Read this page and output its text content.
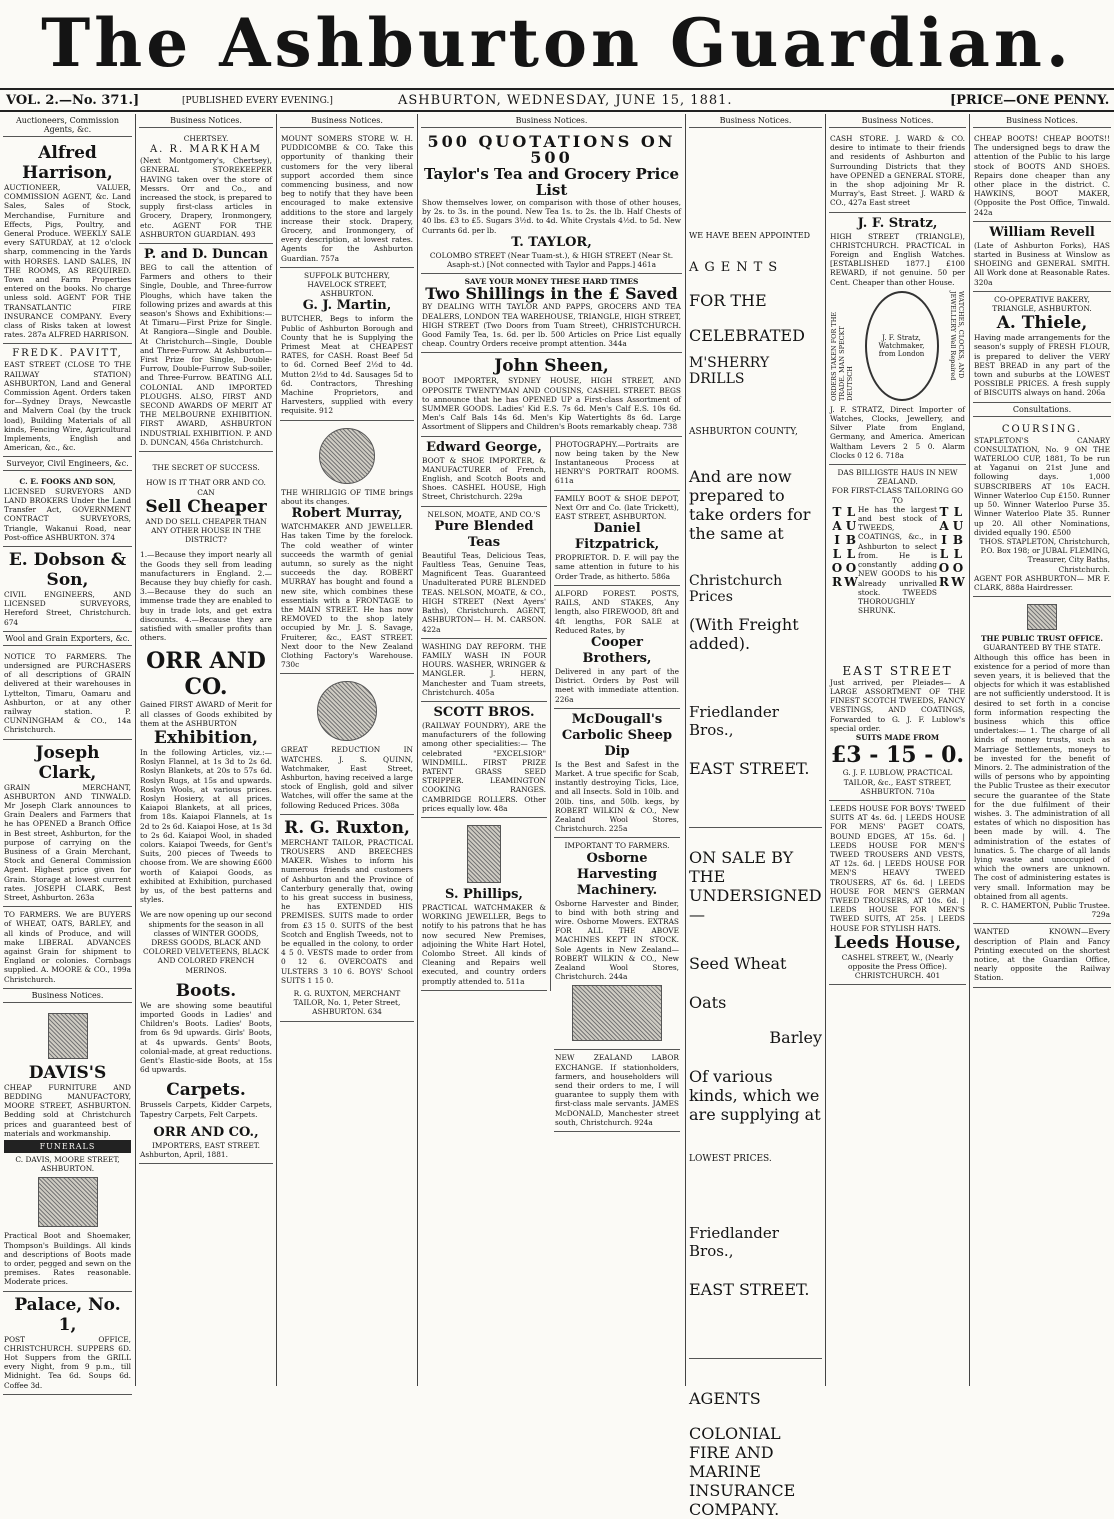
The Ashburton Guardian.
VOL. 2.—No. 371.]	[PUBLISHED EVERY EVENING.]	ASHBURTON, WEDNESDAY, JUNE 15, 1881.	[PRICE—ONE PENNY.
Auctioneers, Commission Agents, &c.
Alfred Harrison,
AUCTIONEER, VALUER, COMMISSION AGENT, &c. Land Sales, Sales of Stock, Merchandise, Furniture and Effects, Pigs, Poultry, and General Produce. WEEKLY SALE every SATURDAY, at 12 o'clock sharp, commencing in the Yards with HORSES. LAND SALES, IN THE ROOMS, AS REQUIRED. Town and Farm Properties entered on the books. No charge unless sold. AGENT FOR THE TRANSATLANTIC FIRE INSURANCE COMPANY. Every class of Risks taken at lowest rates. 287a ALFRED HARRISON.
FREDK. PAVITT,
EAST STREET (CLOSE TO THE RAILWAY STATION) ASHBURTON, Land and General Commission Agent. Orders taken for—Sydney Drays, Newcastle and Malvern Coal (by the truck load), Building Materials of all kinds, Fencing Wire, Agricultural Implements, English and American, &c., &c.
Surveyor, Civil Engineers, &c.
C. E. FOOKS AND SON,
LICENSED SURVEYORS AND LAND BROKERS Under the Land Transfer Act, GOVERNMENT CONTRACT SURVEYORS, Triangle, Wakanui Road, near Post-office ASHBURTON. 374
E. Dobson & Son,
CIVIL ENGINEERS, AND LICENSED SURVEYORS, Hereford Street, Christchurch. 674
Wool and Grain Exporters, &c.
NOTICE TO FARMERS. The undersigned are PURCHASERS of all descriptions of GRAIN delivered at their warehouses in Lyttelton, Timaru, Oamaru and Ashburton, or at any other railway station. P. CUNNINGHAM & CO., 14a Christchurch.
Joseph Clark,
GRAIN MERCHANT, ASHBURTON AND TINWALD. Mr Joseph Clark announces to Grain Dealers and Farmers that he has OPENED a Branch Office in Best street, Ashburton, for the purpose of carrying on the Business of a Grain Merchant, Stock and General Commission Agent. Highest price given for Grain. Storage at lowest current rates. JOSEPH CLARK, Best Street, Ashburton. 263a
TO FARMERS. We are BUYERS of WHEAT, OATS, BARLEY, and all kinds of Produce, and will make LIBERAL ADVANCES against Grain for shipment to England or colonies. Cornbags supplied. A. MOORE & CO., 199a Christchurch.
Business Notices.
DAVIS'S
CHEAP FURNITURE AND BEDDING MANUFACTORY, MOORE STREET, ASHBURTON. Bedding sold at Christchurch prices and guaranteed best of materials and workmanship.
FUNERALS
C. DAVIS, MOORE STREET, ASHBURTON.
Practical Boot and Shoemaker, Thompson's Buildings. All kinds and descriptions of Boots made to order, pegged and sewn on the premises. Rates reasonable. Moderate prices.
Palace, No. 1,
POST OFFICE, CHRISTCHURCH. SUPPERS 6D. Hot Suppers from the GRILL every Night, from 9 p.m., till Midnight. Tea 6d. Soups 6d. Coffee 3d.
Business Notices.
CHERTSEY.
A. R. MARKHAM
(Next Montgomery's, Chertsey), GENERAL STOREKEEPER HAVING taken over the store of Messrs. Orr and Co., and increased the stock, is prepared to supply first-class articles in Grocery, Drapery, Ironmongery, etc. AGENT FOR THE ASHBURTON GUARDIAN. 493
P. and D. Duncan
BEG to call the attention of Farmers and others to their Single, Double, and Three-furrow Ploughs, which have taken the following prizes and awards at this season's Shows and Exhibitions:— At Timaru—First Prize for Single. At Rangiora—Single and Double. At Christchurch—Single, Double and Three-Furrow. At Ashburton—First Prize for Single, Double-Furrow, Double-Furrow Sub-soiler, and Three-Furrow. BEATING ALL COLONIAL AND IMPORTED PLOUGHS. ALSO, FIRST AND SECOND AWARDS OF MERIT AT THE MELBOURNE EXHIBITION. FIRST AWARD, ASHBURTON INDUSTRIAL EXHIBITION. P. AND D. DUNCAN, 456a Christchurch.
THE SECRET OF SUCCESS.
HOW IS IT THAT ORR AND CO. CAN
Sell Cheaper
AND DO SELL CHEAPER THAN ANY OTHER HOUSE IN THE DISTRICT?
1.—Because they import nearly all the Goods they sell from leading manufacturers in England. 2.—Because they buy chiefly for cash. 3.—Because they do such an immense trade they are enabled to buy in trade lots, and get extra discounts. 4.—Because they are satisfied with smaller profits than others.
ORR AND CO.
Gained FIRST AWARD of Merit for all classes of Goods exhibited by them at the ASHBURTON
Exhibition,
In the following Articles, viz.:— Roslyn Flannel, at 1s 3d to 2s 6d. Roslyn Blankets, at 20s to 57s 6d. Roslyn Rugs, at 15s and upwards. Roslyn Wools, at various prices. Roslyn Hosiery, at all prices. Kaiapoi Blankets, at all prices, from 18s. Kaiapoi Flannels, at 1s 2d to 2s 6d. Kaiapoi Hose, at 1s 3d to 2s 6d. Kaiapoi Wool, in shaded colors. Kaiapoi Tweeds, for Gent's Suits, 200 pieces of Tweeds to choose from. We are showing £600 worth of Kaiapoi Goods, as exhibited at Exhibition, purchased by us, of the best patterns and styles.
We are now opening up our second shipments for the season in all classes of WINTER GOODS, DRESS GOODS, BLACK AND COLORED VELVETEENS, BLACK AND COLORED FRENCH MERINOS.
Boots.
We are showing some beautiful imported Goods in Ladies' and Children's Boots. Ladies' Boots, from 6s 9d upwards. Girls' Boots, at 4s upwards. Gents' Boots, colonial-made, at great reductions. Gent's Elastic-side Boots, at 15s 6d upwards.
Carpets.
Brussels Carpets, Kidder Carpets, Tapestry Carpets, Felt Carpets.
ORR AND CO.,
IMPORTERS, EAST STREET.
Ashburton, April, 1881.
Business Notices.
MOUNT SOMERS STORE W. H. PUDDICOMBE & CO. Take this opportunity of thanking their customers for the very liberal support accorded them since commencing business, and now beg to notify that they have been encouraged to make extensive additions to the store and largely increase their stock. Drapery, Grocery, and Ironmongery, of every description, at lowest rates. Agents for the Ashburton Guardian. 757a
SUFFOLK BUTCHERY, HAVELOCK STREET, ASHBURTON.
G. J. Martin,
BUTCHER, Begs to inform the Public of Ashburton Borough and County that he is Supplying the Primest Meat at CHEAPEST RATES, for CASH. Roast Beef 5d to 6d. Corned Beef 2½d to 4d. Mutton 2½d to 4d. Sausages 5d to 6d. Contractors, Threshing Machine Proprietors, and Harvesters, supplied with every requisite. 912
THE WHIRLIGIG OF TIME brings about its changes.
Robert Murray,
WATCHMAKER AND JEWELLER. Has taken Time by the forelock. The cold weather of winter succeeds the warmth of genial autumn, so surely as the night succeeds the day. ROBERT MURRAY has bought and found a new site, which combines these essentials with a FRONTAGE to the MAIN STREET. He has now REMOVED to the shop lately occupied by Mr. J. S. Savage, Fruiterer, &c., EAST STREET. Next door to the New Zealand Clothing Factory's Warehouse. 730c
GREAT REDUCTION IN WATCHES. J. S. QUINN, Watchmaker, East Street, Ashburton, having received a large stock of English, gold and silver Watches, will offer the same at the following Reduced Prices. 308a
R. G. Ruxton,
MERCHANT TAILOR, PRACTICAL TROUSERS AND BREECHES MAKER. Wishes to inform his numerous friends and customers of Ashburton and the Province of Canterbury generally that, owing to his great success in business, he has EXTENDED HIS PREMISES. SUITS made to order from £3 15 0. SUITS of the best Scotch and English Tweeds, not to be equalled in the colony, to order 4 5 0. VESTS made to order from 0 12 6. OVERCOATS and ULSTERS 3 10 6. BOYS' School SUITS 1 15 0.
R. G. RUXTON, MERCHANT TAILOR, No. 1, Peter Street, ASHBURTON. 634
Business Notices.
500 QUOTATIONS ON 500
Taylor's Tea and Grocery Price List
Show themselves lower, on comparison with those of other houses, by 2s. to 3s. in the pound. New Tea 1s. to 2s. the lb. Half Chests of 40 lbs. £3 to £5. Sugars 3½d. to 4d. White Crystals 4½d. to 5d. New Currants 6d. per lb.
T. TAYLOR,
COLOMBO STREET (Near Tuam-st.), & HIGH STREET (Near St. Asaph-st.) [Not connected with Taylor and Papps.] 461a
SAVE YOUR MONEY THESE HARD TIMES
Two Shillings in the £ Saved
BY DEALING WITH TAYLOR AND PAPPS, GROCERS AND TEA DEALERS, LONDON TEA WAREHOUSE, TRIANGLE, HIGH STREET, HIGH STREET (Two Doors from Tuam Street), CHRISTCHURCH. Good Family Tea, 1s. 6d. per lb. 500 Articles on Price List equally cheap. Country Orders receive prompt attention. 344a
John Sheen,
BOOT IMPORTER, SYDNEY HOUSE, HIGH STREET, AND OPPOSITE TWENTYMAN AND COUSINS, CASHEL STREET. BEGS to announce that he has OPENED UP a First-class Assortment of SUMMER GOODS. Ladies' Kid E.S. 7s 6d. Men's Calf E.S. 10s 6d. Men's Calf Bals 14s 6d. Men's Kip Watertights 8s 6d. Large Assortment of Slippers and Children's Boots remarkably cheap. 738
Edward George,
BOOT & SHOE IMPORTER, & MANUFACTURER of French, English, and Scotch Boots and Shoes. CASHEL HOUSE, High Street, Christchurch. 229a
NELSON, MOATE, AND CO.'S
Pure Blended Teas
Beautiful Teas, Delicious Teas, Faultless Teas, Genuine Teas, Magnificent Teas. Guaranteed Unadulterated PURE BLENDED TEAS. NELSON, MOATE, & CO., HIGH STREET (Next Ayers' Baths), Christchurch. AGENT, ASHBURTON— H. M. CARSON. 422a
WASHING DAY REFORM. THE FAMILY WASH IN FOUR HOURS. WASHER, WRINGER & MANGLER. J. HERN, Manchester and Tuam streets, Christchurch. 405a
SCOTT BROS.
(RAILWAY FOUNDRY), ARE the manufacturers of the following among other specialities:— The celebrated "EXCELSIOR" WINDMILL. FIRST PRIZE PATENT GRASS SEED STRIPPER. LEAMINGTON COOKING RANGES. CAMBRIDGE ROLLERS. Other prices equally low. 48a
S. Phillips,
PRACTICAL WATCHMAKER & WORKING JEWELLER, Begs to notify to his patrons that he has now secured New Premises, adjoining the White Hart Hotel, Colombo Street. All kinds of Cleaning and Repairs well executed, and country orders promptly attended to. 511a
PHOTOGRAPHY.—Portraits are now being taken by the New Instantaneous Process at HENRY'S PORTRAIT ROOMS. 611a
FAMILY BOOT & SHOE DEPOT, Next Orr and Co. (late Trickett), EAST STREET, ASHBURTON.
Daniel Fitzpatrick,
PROPRIETOR. D. F. will pay the same attention in future to his Order Trade, as hitherto. 586a
ALFORD FOREST. POSTS, RAILS, AND STAKES, Any length, also FIREWOOD, 8ft and 4ft lengths, FOR SALE at Reduced Rates, by
Cooper Brothers,
Delivered in any part of the District. Orders by Post will meet with immediate attention. 226a
McDougall's Carbolic Sheep Dip
Is the Best and Safest in the Market. A true specific for Scab, instantly destroying Ticks, Lice, and all Insects. Sold in 10lb. and 20lb. tins, and 50lb. kegs, by ROBERT WILKIN & CO., New Zealand Wool Stores, Christchurch. 225a
IMPORTANT TO FARMERS.
Osborne Harvesting Machinery.
Osborne Harvester and Binder, to bind with both string and wire. Osborne Mowers. EXTRAS FOR ALL THE ABOVE MACHINES KEPT IN STOCK. Sole Agents in New Zealand— ROBERT WILKIN & CO., New Zealand Wool Stores, Christchurch. 244a
NEW ZEALAND LABOR EXCHANGE. If stationholders, farmers, and householders will send their orders to me, I will guarantee to supply them with first-class male servants. JAMES McDONALD, Manchester street south, Christchurch. 924a
Business Notices.
WE HAVE BEEN APPOINTED
AGENTS
FOR THE
CELEBRATED
M'SHERRY DRILLS
ASHBURTON COUNTY,
And are now prepared to take orders for the same at
Christchurch Prices
(With Freight added).
Friedlander Bros.,
EAST STREET.
ON SALE BY THE UNDERSIGNED—
Seed Wheat
Oats
Barley
Of various kinds, which we are supplying at
LOWEST PRICES.
Friedlander Bros.,
EAST STREET.
AGENTS
COLONIAL FIRE AND MARINE INSURANCE COMPANY.
Business Notices.
CASH STORE. J. WARD & CO. desire to intimate to their friends and residents of Ashburton and Surrounding Districts that they have OPENED a GENERAL STORE, in the shop adjoining Mr R. Murray's, East Street. J. WARD & CO., 427a East street
J. F. Stratz,
HIGH STREET (TRIANGLE), CHRISTCHURCH. PRACTICAL in Foreign and English Watches. [ESTABLISHED 1877.] £100 REWARD, if not genuine. 50 per Cent. Cheaper than other House.
ORDERS TAKEN FOR THE TRADE. MAN SPECKT DEUTSCH
J. F. Stratz, Watchmaker, from London	WATCHES, CLOCKS, AND JEWELLERY Well Repaired
J. F. STRATZ, Direct Importer of Watches, Clocks, Jewellery, and Silver Plate from England, Germany, and America. American Waltham Levers 2 5 0. Alarm Clocks 0 12 6. 718a
DAS BILLIGSTE HAUS IN NEW ZEALAND.
FOR FIRST-CLASS TAILORING GO TO
LUBLOW TAILOR	He has the largest and best stock of TWEEDS, COATINGS, &c., in Ashburton to select from. He is constantly adding NEW GOODS to his already unrivalled stock. TWEEDS THOROUGHLY SHRUNK.
LUBLOW TAILOR
EAST STREET
Just arrived, per Pleiades— A LARGE ASSORTMENT OF THE FINEST SCOTCH TWEEDS, FANCY VESTINGS, AND COATINGS, Forwarded to G. J. F. Lublow's special order.
SUITS MADE FROM
£3 - 15 - 0.
G. J. F. LUBLOW, PRACTICAL TAILOR, &c., EAST STREET, ASHBURTON. 710a
LEEDS HOUSE FOR BOYS' TWEED SUITS AT 4s. 6d. | LEEDS HOUSE FOR MENS' PAGET COATS, BOUND EDGES, AT 15s. 6d. | LEEDS HOUSE FOR MEN'S TWEED TROUSERS AND VESTS, AT 12s. 6d. | LEEDS HOUSE FOR MEN'S HEAVY TWEED TROUSERS, AT 6s. 6d. | LEEDS HOUSE FOR MEN'S GERMAN TWEED TROUSERS, AT 10s. 6d. | LEEDS HOUSE FOR MEN'S TWEED SUITS, AT 25s. | LEEDS HOUSE FOR STYLISH HATS.
Leeds House,
CASHEL STREET, W., (Nearly opposite the Press Office). CHRISTCHURCH. 401
Business Notices.
CHEAP BOOTS! CHEAP BOOTS!! The undersigned begs to draw the attention of the Public to his large stock of BOOTS AND SHOES. Repairs done cheaper than any other place in the district. C. HAWKINS, BOOT MAKER, (Opposite the Post Office, Tinwald. 242a
William Revell
(Late of Ashburton Forks), HAS started in Business at Winslow as SHOEING and GENERAL SMITH. All Work done at Reasonable Rates. 320a
CO-OPERATIVE BAKERY, TRIANGLE, ASHBURTON.
A. Thiele,
Having made arrangements for the season's supply of FRESH FLOUR, is prepared to deliver the VERY BEST BREAD in any part of the town and suburbs at the LOWEST POSSIBLE PRICES. A fresh supply of BISCUITS always on hand. 206a
Consultations.
COURSING.
STAPLETON'S CANARY CONSULTATION, No. 9 ON THE WATERLOO CUP, 1881, To be run at Yaganui on 21st June and following days. 1,000 SUBSCRIBERS AT 10s EACH. Winner Waterloo Cup £150. Runner up 50. Winner Waterloo Purse 35. Winner Waterloo Plate 35. Runner up 20. All other Nominations, divided equally 190. £500
THOS. STAPLETON, Christchurch, P.O. Box 198; or JUBAL FLEMING, Treasurer, City Baths, Christchurch.
AGENT FOR ASHBURTON— MR F. CLARK, 888a Hairdresser.
THE PUBLIC TRUST OFFICE.
GUARANTEED BY THE STATE.
Although this office has been in existence for a period of more than seven years, it is believed that the objects for which it was established are not sufficiently understood. It is desired to set forth in a concise form information respecting the business which this office undertakes:— 1. The charge of all kinds of money trusts, such as Marriage Settlements, moneys to be invested for the benefit of Minors. 2. The administration of the wills of persons who by appointing the Public Trustee as their executor secure the guarantee of the State for the due fulfilment of their wishes. 3. The administration of all estates of which no disposition has been made by will. 4. The administration of the estates of lunatics. 5. The charge of all lands lying waste and unoccupied of which the owners are unknown. The cost of administering estates is very small. Information may be obtained from all agents.
R. C. HAMERTON, Public Trustee. 729a
WANTED KNOWN—Every description of Plain and Fancy Printing executed on the shortest notice, at the Guardian Office, nearly opposite the Railway Station.
